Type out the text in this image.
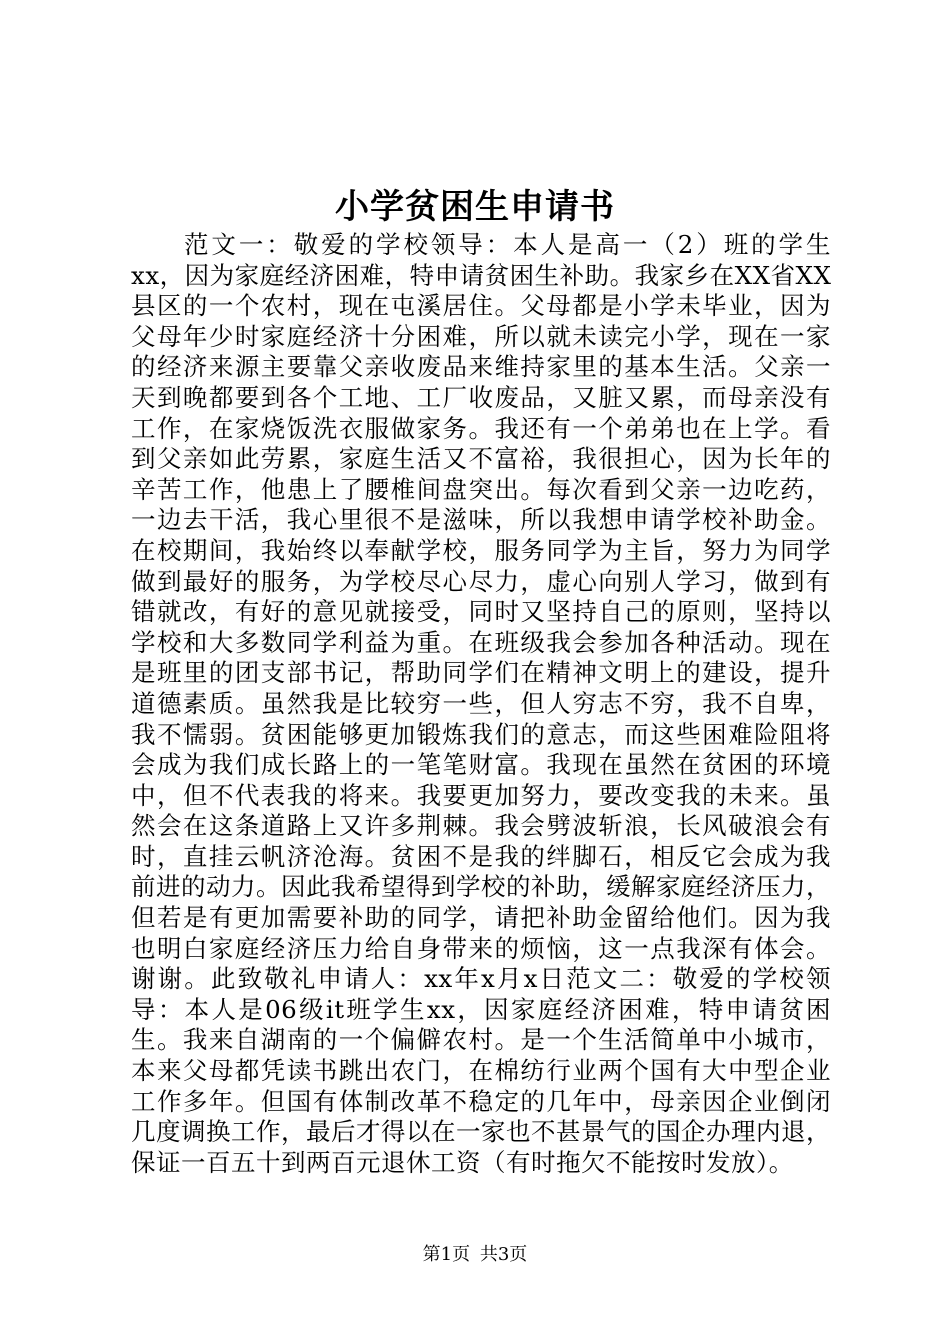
小学贫困生申请书
范文一：敬爱的学校领导：本人是高一（2）班的学生
xx，因为家庭经济困难，特申请贫困生补助。我家乡在XX省XX
县区的一个农村，现在屯溪居住。父母都是小学未毕业，因为
父母年少时家庭经济十分困难，所以就未读完小学，现在一家
的经济来源主要靠父亲收废品来维持家里的基本生活。父亲一
天到晚都要到各个工地、工厂收废品，又脏又累，而母亲没有
工作，在家烧饭洗衣服做家务。我还有一个弟弟也在上学。看
到父亲如此劳累，家庭生活又不富裕，我很担心，因为长年的
辛苦工作，他患上了腰椎间盘突出。每次看到父亲一边吃药，
一边去干活，我心里很不是滋味，所以我想申请学校补助金。
在校期间，我始终以奉献学校，服务同学为主旨，努力为同学
做到最好的服务，为学校尽心尽力，虚心向别人学习，做到有
错就改，有好的意见就接受，同时又坚持自己的原则，坚持以
学校和大多数同学利益为重。在班级我会参加各种活动。现在
是班里的团支部书记，帮助同学们在精神文明上的建设，提升
道德素质。虽然我是比较穷一些，但人穷志不穷，我不自卑，
我不懦弱。贫困能够更加锻炼我们的意志，而这些困难险阻将
会成为我们成长路上的一笔笔财富。我现在虽然在贫困的环境
中，但不代表我的将来。我要更加努力，要改变我的未来。虽
然会在这条道路上又许多荆棘。我会劈波斩浪，长风破浪会有
时，直挂云帆济沧海。贫困不是我的绊脚石，相反它会成为我
前进的动力。因此我希望得到学校的补助，缓解家庭经济压力，
但若是有更加需要补助的同学，请把补助金留给他们。因为我
也明白家庭经济压力给自身带来的烦恼，这一点我深有体会。
谢谢。此致敬礼申请人：xx年x月x日范文二：敬爱的学校领
导：本人是06级it班学生xx，因家庭经济困难，特申请贫困
生。我来自湖南的一个偏僻农村。是一个生活简单中小城市，
本来父母都凭读书跳出农门，在棉纺行业两个国有大中型企业
工作多年。但国有体制改革不稳定的几年中，母亲因企业倒闭
几度调换工作，最后才得以在一家也不甚景气的国企办理内退，
保证一百五十到两百元退休工资（有时拖欠不能按时发放）。
第1页 共3页
